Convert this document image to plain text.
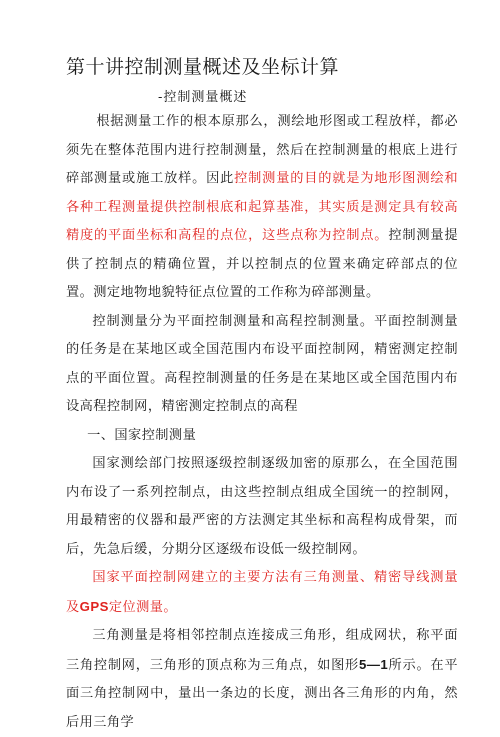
第十讲控制测量概述及坐标计算
-控制测量概述

根据测量工作的根本原那么，测绘地形图或工程放样，都必须先在整体范围内进行控制测量，然后在控制测量的根底上进行碎部测量或施工放样。因此控制测量的目的就是为地形图测绘和各种工程测量提供控制根底和起算基准，其实质是测定具有较高精度的平面坐标和高程的点位，这些点称为控制点。控制测量提供了控制点的精确位置，并以控制点的位置来确定碎部点的位置。测定地物地貌特征点位置的工作称为碎部测量。

控制测量分为平面控制测量和高程控制测量。平面控制测量的任务是在某地区或全国范围内布设平面控制网，精密测定控制点的平面位置。高程控制测量的任务是在某地区或全国范围内布设高程控制网，精密测定控制点的高程

一、国家控制测量

国家测绘部门按照逐级控制逐级加密的原那么，在全国范围内布设了一系列控制点，由这些控制点组成全国统一的控制网，用最精密的仪器和最严密的方法测定其坐标和高程构成骨架，而后，先急后缓，分期分区逐级布设低一级控制网。

国家平面控制网建立的主要方法有三角测量、精密导线测量及GPS定位测量。

三角测量是将相邻控制点连接成三角形，组成网状，称平面三角控制网，三角形的顶点称为三角点，如图形5—1所示。在平面三角控制网中，量出一条边的长度，测出各三角形的内角，然后用三角学
